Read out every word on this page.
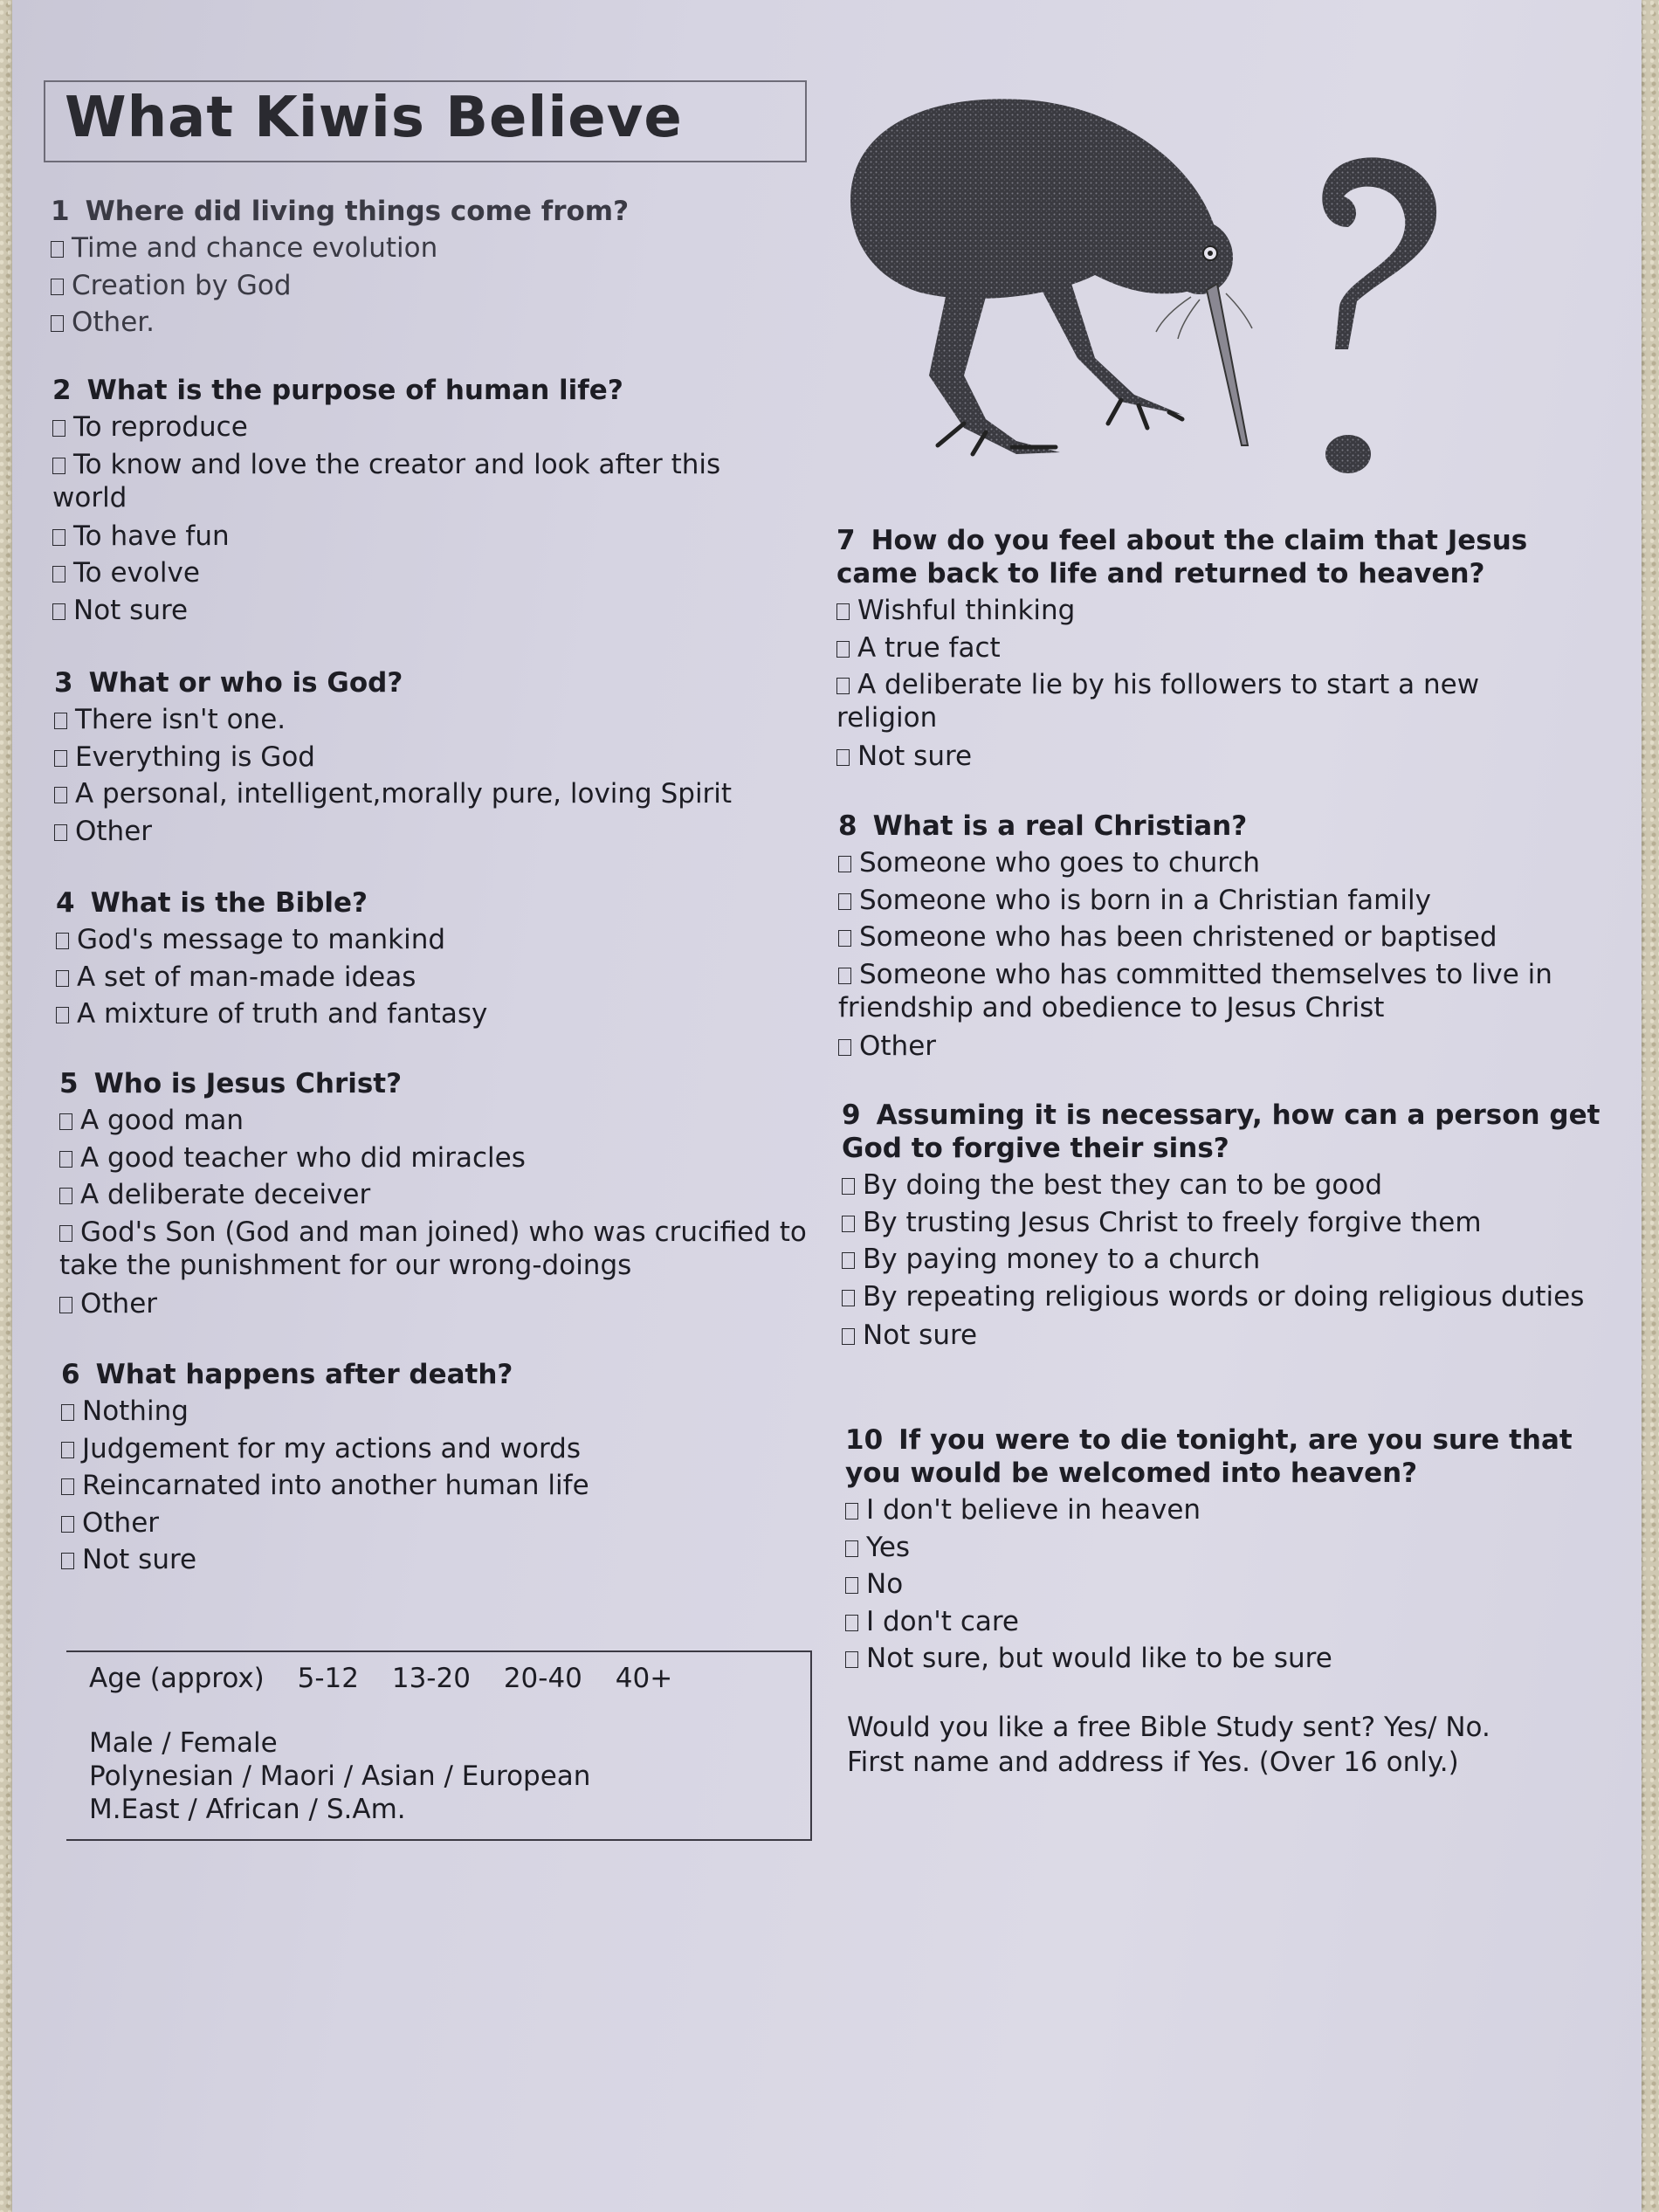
What Kiwis Believe

1 Where did living things come from?

Time and chance evolution
Creation by God
Other.

2 What is the purpose of human life?

To reproduce
To know and love the creator and look after this world
To have fun
To evolve
Not sure

3 What or who is God?

There isn't one.
Everything is God
A personal, intelligent,morally pure, loving Spirit
Other

4 What is the Bible?

God's message to mankind
A set of man-made ideas
A mixture of truth and fantasy

5 Who is Jesus Christ?

A good man
A good teacher who did miracles
A deliberate deceiver
God's Son (God and man joined) who was crucified to take the punishment for our wrong-doings
Other

6 What happens after death?

Nothing
Judgement for my actions and words
Reincarnated into another human life
Other
Not sure

7 How do you feel about the claim that Jesus came back to life and returned to heaven?

Wishful thinking
A true fact
A deliberate lie by his followers to start a new religion
Not sure

8 What is a real Christian?

Someone who goes to church
Someone who is born in a Christian family
Someone who has been christened or baptised
Someone who has committed themselves to live in friendship and obedience to Jesus Christ
Other

9 Assuming it is necessary, how can a person get God to forgive their sins?

By doing the best they can to be good
By trusting Jesus Christ to freely forgive them
By paying money to a church
By repeating religious words or doing religious duties
Not sure

10 If you were to die tonight, are you sure that you would be welcomed into heaven?

I don't believe in heaven
Yes
No
I don't care
Not sure, but would like to be sure
Age (approx) 5-12 13-20 20-40 40+
Male / Female
Polynesian / Maori / Asian / European
M.East / African / S.Am.
Would you like a free Bible Study sent? Yes/ No.
First name and address if Yes. (Over 16 only.)
